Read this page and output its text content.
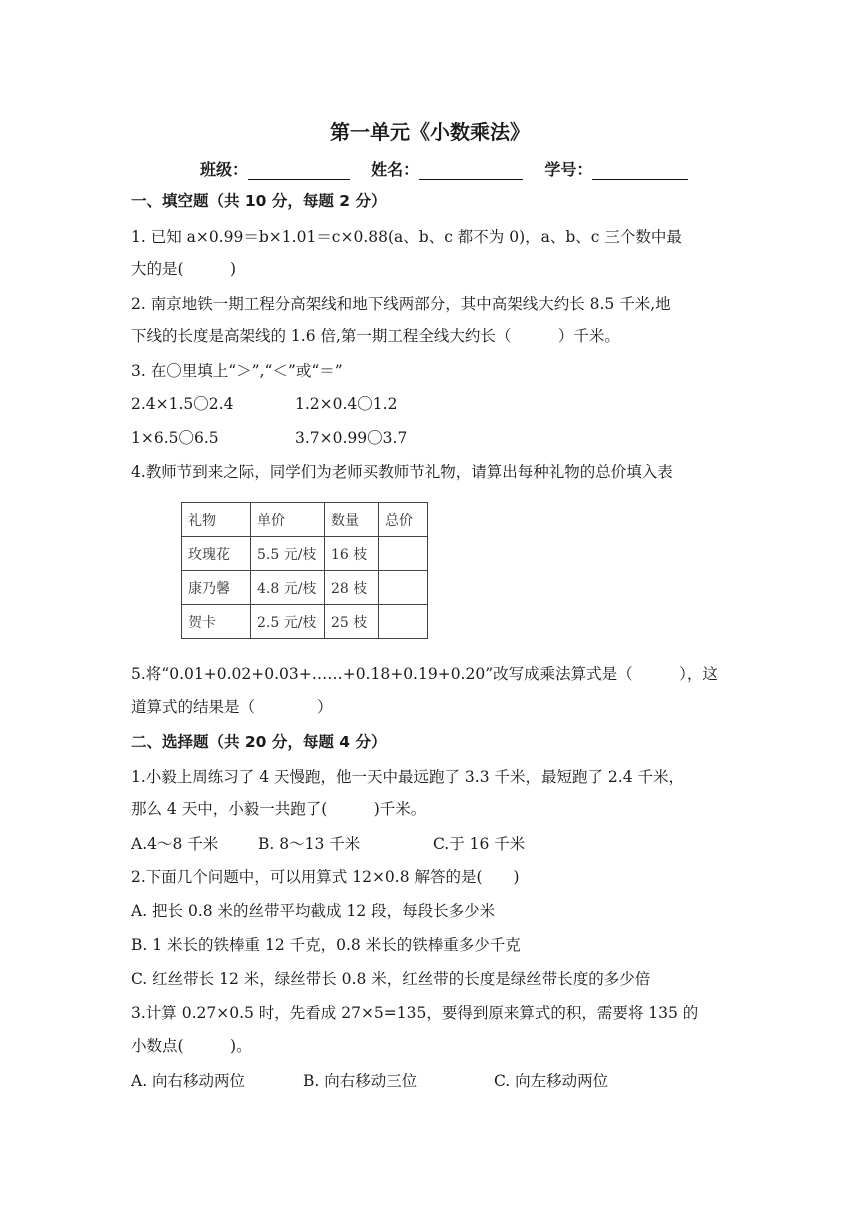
第一单元《小数乘法》
班级：	姓名：	学号：
一、填空题（共 10 分，每题 2 分）
1. 已知 a×0.99＝b×1.01＝c×0.88(a、b、c 都不为 0)，a、b、c 三个数中最
大的是(　　　)
2. 南京地铁一期工程分高架线和地下线两部分，其中高架线大约长 8.5 千米,地
下线的长度是高架线的 1.6 倍,第一期工程全线大约长（　　　）千米。
3. 在〇里填上“＞”,“＜”或“＝”
2.4×1.5〇2.4	1.2×0.4〇1.2
1×6.5〇6.5	3.7×0.99〇3.7
4.教师节到来之际，同学们为老师买教师节礼物，请算出每种礼物的总价填入表
礼物	单价	数量	总价
玫瑰花	5.5 元/枝	16 枝	
康乃馨	4.8 元/枝	28 枝	
贺卡	2.5 元/枝	25 枝	
5.将“0.01+0.02+0.03+……+0.18+0.19+0.20”改写成乘法算式是（　　　），这
道算式的结果是（　　　　）
二、选择题（共 20 分，每题 4 分）
1.小毅上周练习了 4 天慢跑，他一天中最远跑了 3.3 千米，最短跑了 2.4 千米，
那么 4 天中，小毅一共跑了(　　　)千米。
A.4～8 千米	B. 8～13 千米	C.于 16 千米
2.下面几个问题中，可以用算式 12×0.8 解答的是(　　)
A. 把长 0.8 米的丝带平均截成 12 段，每段长多少米
B. 1 米长的铁棒重 12 千克，0.8 米长的铁棒重多少千克
C. 红丝带长 12 米，绿丝带长 0.8 米，红丝带的长度是绿丝带长度的多少倍
3.计算 0.27×0.5 时，先看成 27×5=135，要得到原来算式的积，需要将 135 的
小数点(　　　)。
A. 向右移动两位	B. 向右移动三位	C. 向左移动两位
